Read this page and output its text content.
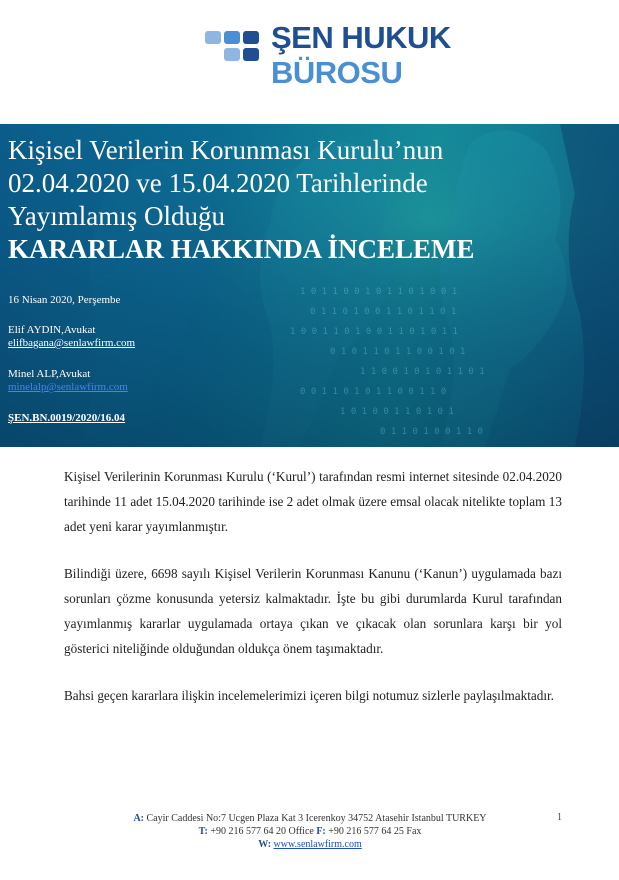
ŞEN HUKUK
BÜROSU
1 0 1 1 0 0 1 0 1 1 0 1 0 0 1
0 1 1 0 1 0 0 1 1 0 1 1 0 1
1 0 0 1 1 0 1 0 0 1 1 0 1 0 1 1
0 1 0 1 1 0 1 1 0 0 1 0 1
1 1 0 0 1 0 1 0 1 1 0 1
0 0 1 1 0 1 0 1 1 0 0 1 1 0
1 0 1 0 0 1 1 0 1 0 1
0 1 1 0 1 0 0 1 1 0
Kişisel Verilerin Korunması Kurulu’nun
02.04.2020 ve 15.04.2020 Tarihlerinde
Yayımlamış Olduğu
KARARLAR HAKKINDA İNCELEME
16 Nisan 2020, Perşembe
Elif AYDIN,Avukat
elifbagana@senlawfirm.com
Minel ALP,Avukat
minelalp@senlawfirm.com
ŞEN.BN.0019/2020/16.04

Kişisel Verilerinin Korunması Kurulu (‘Kurul’) tarafından resmi internet sitesinde 02.04.2020 tarihinde 11 adet 15.04.2020 tarihinde ise 2 adet olmak üzere emsal olacak nitelikte toplam 13 adet yeni karar yayımlanmıştır.

Bilindiği üzere, 6698 sayılı Kişisel Verilerin Korunması Kanunu (‘Kanun’) uygulamada bazı sorunları çözme konusunda yetersiz kalmaktadır. İşte bu gibi durumlarda Kurul tarafından yayımlanmış kararlar uygulamada ortaya çıkan ve çıkacak olan sorunlara karşı bir yol gösterici niteliğinde olduğundan oldukça önem taşımaktadır.

Bahsi geçen kararlara ilişkin incelemelerimizi içeren bilgi notumuz sizlerle paylaşılmaktadır.

A: Cayir Caddesi No:7 Ucgen Plaza Kat 3 Icerenkoy 34752 Atasehir Istanbul TURKEY
T: +90 216 577 64 20 Office F: +90 216 577 64 25 Fax
W: www.senlawfirm.com
1
